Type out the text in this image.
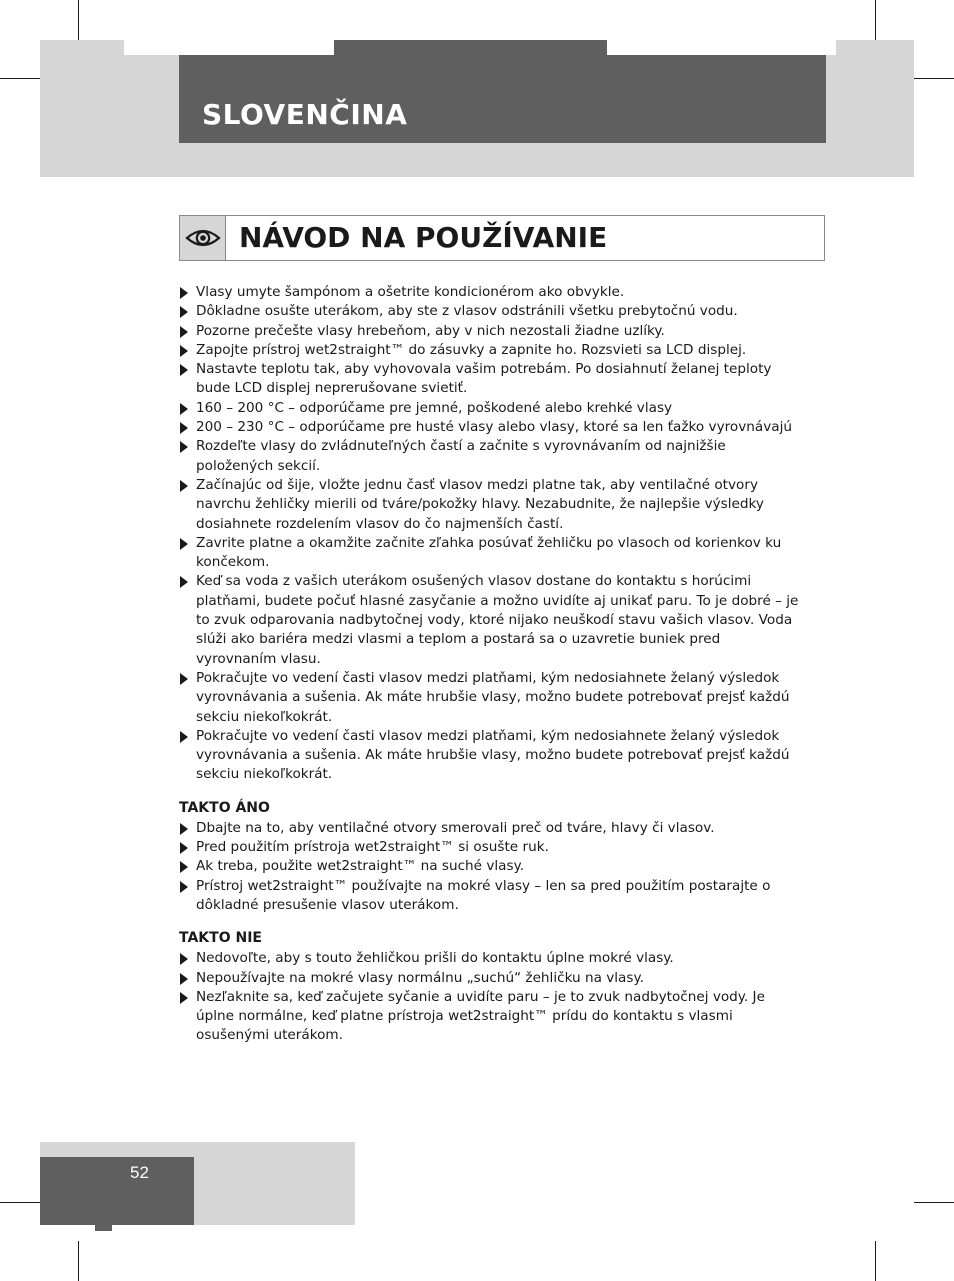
SLOVENČINA
NÁVOD NA POUŽÍVANIE
Vlasy umyte šampónom a ošetrite kondicionérom ako obvykle.
Dôkladne osušte uterákom, aby ste z vlasov odstránili všetku prebytočnú vodu.
Pozorne prečešte vlasy hrebeňom, aby v nich nezostali žiadne uzlíky.
Zapojte prístroj wet2straight™ do zásuvky a zapnite ho. Rozsvieti sa LCD displej.
Nastavte teplotu tak, aby vyhovovala vašim potrebám. Po dosiahnutí želanej teploty bude LCD displej neprerušovane svietiť.
160 – 200 °C – odporúčame pre jemné, poškodené alebo krehké vlasy
200 – 230 °C – odporúčame pre husté vlasy alebo vlasy, ktoré sa len ťažko vyrovnávajú
Rozdeľte vlasy do zvládnuteľných častí a začnite s vyrovnávaním od najnižšie položených sekcií.
Začínajúc od šije, vložte jednu časť vlasov medzi platne tak, aby ventilačné otvory navrchu žehličky mierili od tváre/pokožky hlavy. Nezabudnite, že najlepšie výsledky dosiahnete rozdelením vlasov do čo najmenších častí.
Zavrite platne a okamžite začnite zľahka posúvať žehličku po vlasoch od korienkov ku končekom.
Keď sa voda z vašich uterákom osušených vlasov dostane do kontaktu s horúcimi platňami, budete počuť hlasné zasyčanie a možno uvidíte aj unikať paru. To je dobré – je to zvuk odparovania nadbytočnej vody, ktoré nijako neuškodí stavu vašich vlasov. Voda slúži ako bariéra medzi vlasmi a teplom a postará sa o uzavretie buniek pred vyrovnaním vlasu.
Pokračujte vo vedení časti vlasov medzi platňami, kým nedosiahnete želaný výsledok vyrovnávania a sušenia. Ak máte hrubšie vlasy, možno budete potrebovať prejsť každú sekciu niekoľkokrát.
Pokračujte vo vedení časti vlasov medzi platňami, kým nedosiahnete želaný výsledok vyrovnávania a sušenia. Ak máte hrubšie vlasy, možno budete potrebovať prejsť každú sekciu niekoľkokrát.
TAKTO ÁNO
Dbajte na to, aby ventilačné otvory smerovali preč od tváre, hlavy či vlasov.
Pred použitím prístroja wet2straight™ si osušte ruk.
Ak treba, použite wet2straight™ na suché vlasy.
Prístroj wet2straight™ používajte na mokré vlasy – len sa pred použitím postarajte o dôkladné presušenie vlasov uterákom.
TAKTO NIE
Nedovoľte, aby s touto žehličkou prišli do kontaktu úplne mokré vlasy.
Nepoužívajte na mokré vlasy normálnu „suchú“ žehličku na vlasy.
Nezľaknite sa, keď začujete syčanie a uvidíte paru – je to zvuk nadbytočnej vody. Je úplne normálne, keď platne prístroja wet2straight™ prídu do kontaktu s vlasmi osušenými uterákom.
52
